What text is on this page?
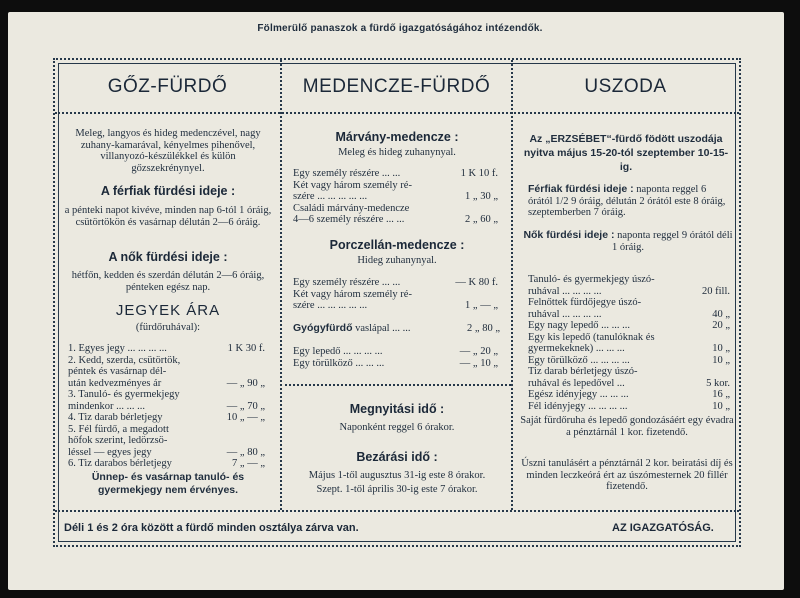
Fölmerülő panaszok a fürdő igazgatóságához intézendők.
GŐZ-FÜRDŐ	MEDENCZE-FÜRDŐ	USZODA
Meleg, langyos és hideg medenczével, nagy zuhany-kamarával, kényelmes pihenővel, villanyozó-készülékkel és külön gőzszekrénynyel.
A férfiak fürdési ideje :
a pénteki napot kivéve, minden nap 6-tól 1 óráig, csütörtökön és vasárnap délután 2—6 óráig.
A nők fürdési ideje :
hétfőn, kedden és szerdán délután 2—6 óráig, pénteken egész nap.
JEGYEK ÁRA
(fürdőruhával):
1. Egyes jegy ... ... ... ...	1 K 30 f.
2. Kedd, szerda, csütörtök,
péntek és vasárnap dél-
után kedvezményes ár	— „ 90 „
3. Tanuló- és gyermekjegy
mindenkor ... ... ...	— „ 70 „
4. Tiz darab bérletjegy	10 „ — „
5. Fél fürdő, a megadott
hőfok szerint, ledörzsö-
léssel — egyes jegy	— „ 80 „
6. Tiz darabos bérletjegy	7 „ — „
Ünnep- és vasárnap tanuló- és gyermekjegy nem érvényes.
Márvány-medencze :
Meleg és hideg zuhanynyal.
Egy személy részére ... ...	1 K 10 f.
Két vagy három személy ré-
szére ... ... ... ... ...	1 „ 30 „
Családi márvány-medencze
4—6 személy részére ... ...	2 „ 60 „
Porczellán-medencze :
Hideg zuhanynyal.
Egy személy részére ... ...	— K 80 f.
Két vagy három személy ré-
szére ... ... ... ... ...	1 „ — „
Gyógyfürdő vaslápal ... ...	2 „ 80 „
Egy lepedő ... ... ... ...	— „ 20 „
Egy törülköző ... ... ...	— „ 10 „
Megnyitási idő :
Naponként reggel 6 órakor.
Bezárási idő :
Május 1-től augusztus 31-ig este 8 órakor.
Szept. 1-től április 30-ig este 7 órakor.
Az „ERZSÉBET“-fürdő födött uszodája nyitva május 15-20-tól szeptember 10-15-ig.
Férfiak fürdési ideje : naponta reggel 6 órától 1/2 9 óráig, délután 2 órától este 8 óráig, szeptemberben 7 óráig.
Nők fürdési ideje : naponta reggel 9 órától déli 1 óráig.
Tanuló- és gyermekjegy úszó-
ruhával ... ... ... ...	20 fill.
Felnőttek fürdőjegye úszó-
ruhával ... ... ... ...	40 „
Egy nagy lepedő ... ... ...	20 „
Egy kis lepedő (tanulóknak és
gyermekeknek) ... ... ...	10 „
Egy törülköző ... ... ... ...	10 „
Tiz darab bérletjegy úszó-
ruhával és lepedővel ...	5 kor.
Egész idényjegy ... ... ...	16 „
Fél idényjegy ... ... ... ...	10 „
Saját fürdőruha és lepedő gondozásáért egy évadra a pénztárnál 1 kor. fizetendő.
Úszni tanulásért a pénztárnál 2 kor. beiratási díj és minden leczkeórá ért az úszómesternek 20 fillér fizetendő.
Déli 1 és 2 óra között a fürdő minden osztálya zárva van.	AZ IGAZGATÓSÁG.
